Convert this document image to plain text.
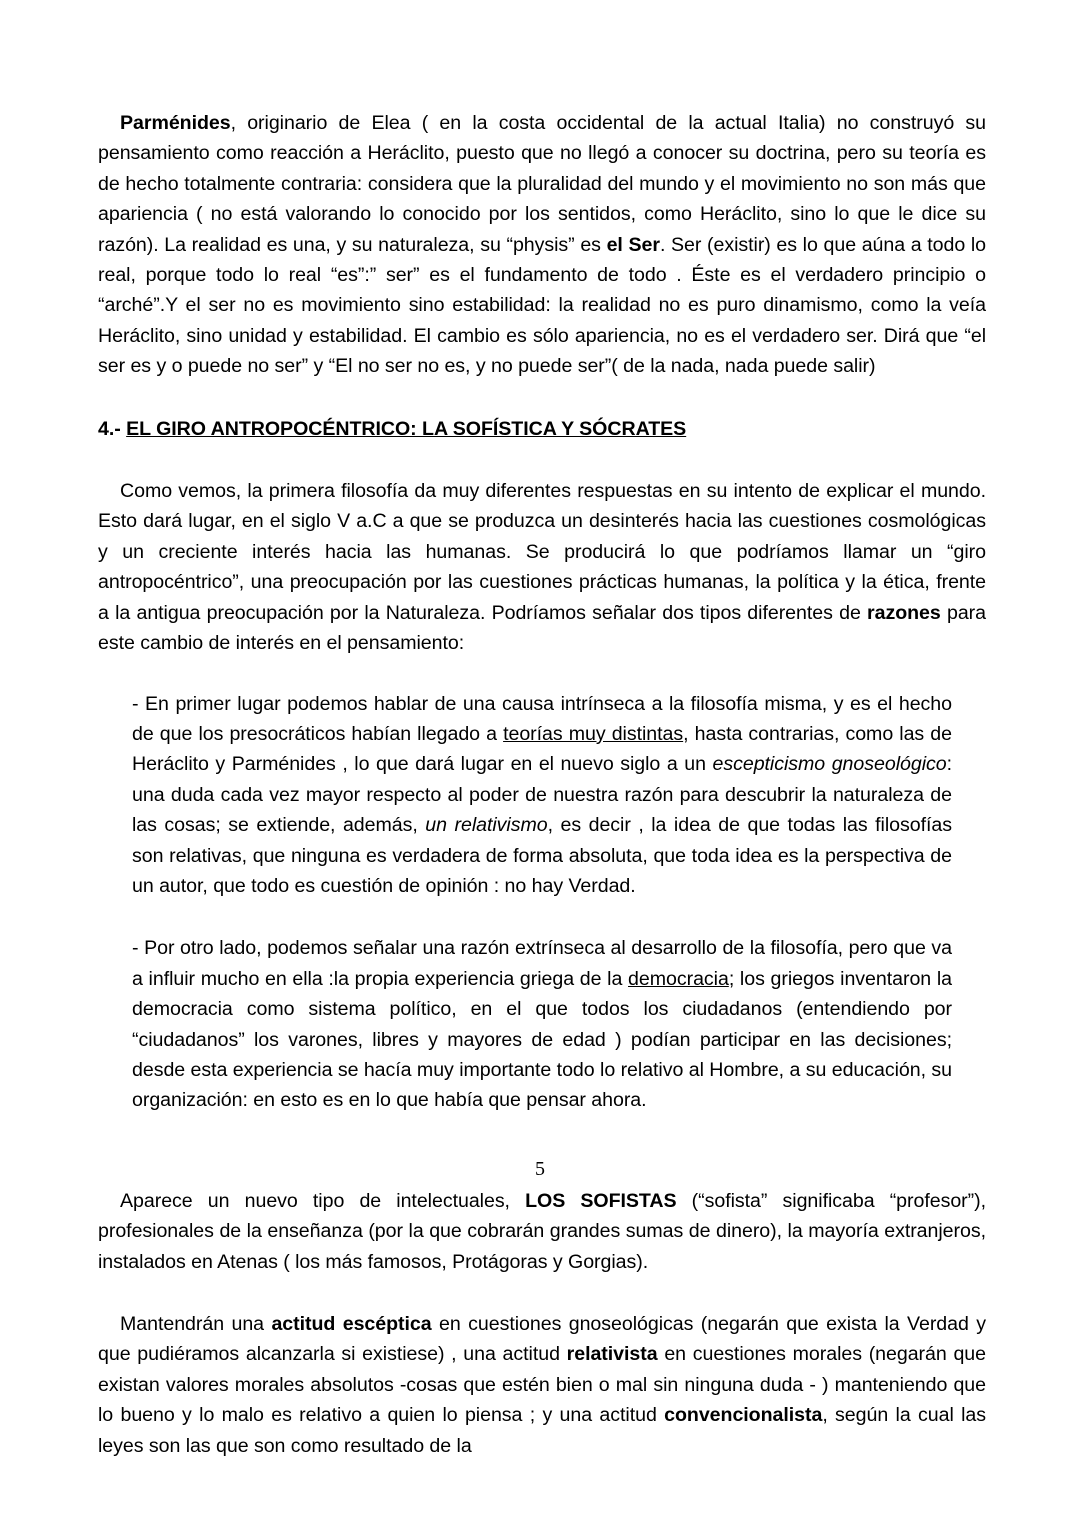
Parménides, originario de Elea ( en la costa occidental de la actual Italia) no construyó su pensamiento como reacción a Heráclito, puesto que no llegó a conocer su doctrina, pero su teoría es de hecho totalmente contraria: considera que la pluralidad del mundo y el movimiento no son más que apariencia ( no está valorando lo conocido por los sentidos, como Heráclito, sino lo que le dice su razón). La realidad es una, y su naturaleza, su “physis” es el Ser. Ser (existir) es lo que aúna a todo lo real, porque todo lo real “es”:” ser” es el fundamento de todo . Éste es el verdadero principio o “arché”.Y el ser no es movimiento sino estabilidad: la realidad no es puro dinamismo, como la veía Heráclito, sino unidad y estabilidad. El cambio es sólo apariencia, no es el verdadero ser. Dirá que “el ser es y o puede no ser” y “El no ser no es, y no puede ser”( de la nada, nada puede salir)

4.- EL GIRO ANTROPOCÉNTRICO: LA SOFÍSTICA Y SÓCRATES

Como vemos, la primera filosofía da muy diferentes respuestas en su intento de explicar el mundo. Esto dará lugar, en el siglo V a.C a que se produzca un desinterés hacia las cuestiones cosmológicas y un creciente interés hacia las humanas. Se producirá lo que podríamos llamar un “giro antropocéntrico”, una preocupación por las cuestiones prácticas humanas, la política y la ética, frente a la antigua preocupación por la Naturaleza. Podríamos señalar dos tipos diferentes de razones para este cambio de interés en el pensamiento:

- En primer lugar podemos hablar de una causa intrínseca a la filosofía misma, y es el hecho de que los presocráticos habían llegado a teorías muy distintas, hasta contrarias, como las de Heráclito y Parménides , lo que dará lugar en el nuevo siglo a un escepticismo gnoseológico: una duda cada vez mayor respecto al poder de nuestra razón para descubrir la naturaleza de las cosas; se extiende, además, un relativismo, es decir , la idea de que todas las filosofías son relativas, que ninguna es verdadera de forma absoluta, que toda idea es la perspectiva de un autor, que todo es cuestión de opinión : no hay Verdad.

- Por otro lado, podemos señalar una razón extrínseca al desarrollo de la filosofía, pero que va a influir mucho en ella :la propia experiencia griega de la democracia; los griegos inventaron la democracia como sistema político, en el que todos los ciudadanos (entendiendo por “ciudadanos” los varones, libres y mayores de edad ) podían participar en las decisiones; desde esta experiencia se hacía muy importante todo lo relativo al Hombre, a su educación, su organización: en esto es en lo que había que pensar ahora.

Aparece un nuevo tipo de intelectuales, LOS SOFISTAS (“sofista” significaba “profesor”), profesionales de la enseñanza (por la que cobrarán grandes sumas de dinero), la mayoría extranjeros, instalados en Atenas ( los más famosos, Protágoras y Gorgias).

Mantendrán una actitud escéptica en cuestiones gnoseológicas (negarán que exista la Verdad y que pudiéramos alcanzarla si existiese) , una actitud relativista en cuestiones morales (negarán que existan valores morales absolutos -cosas que estén bien o mal sin ninguna duda - ) manteniendo que lo bueno y lo malo es relativo a quien lo piensa ; y una actitud convencionalista, según la cual las leyes son las que son como resultado de la

5
